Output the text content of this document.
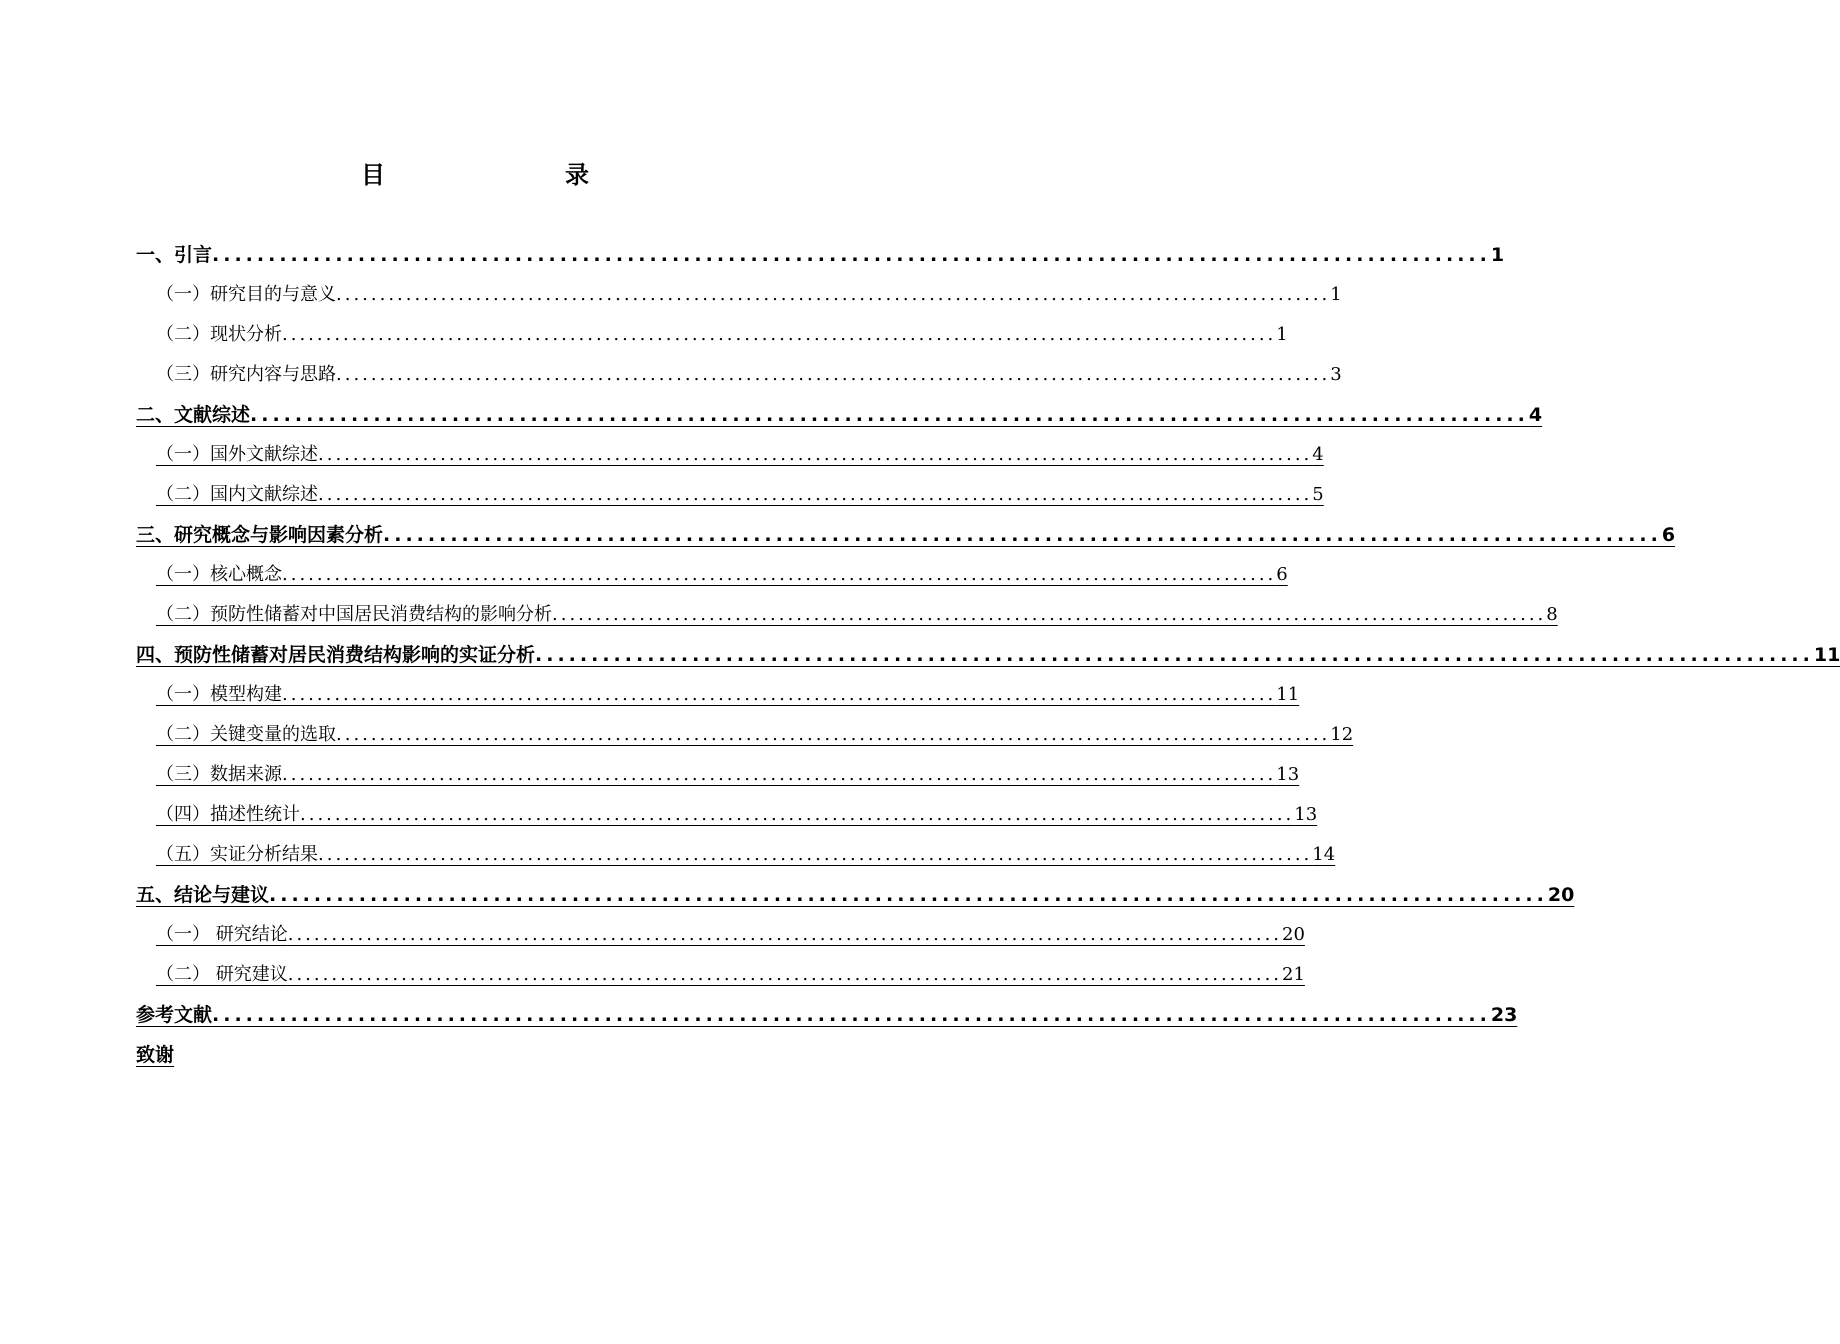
目　　录
一、引言 .................................................................................................................. 1
（一）研究目的与意义 .................................................................................................................. 1
（二）现状分析 .................................................................................................................. 1
（三）研究内容与思路 .................................................................................................................. 3
二、文献综述 .................................................................................................................. 4
（一）国外文献综述 .................................................................................................................. 4
（二）国内文献综述 .................................................................................................................. 5
三、研究概念与影响因素分析 .................................................................................................................. 6
（一）核心概念 .................................................................................................................. 6
（二）预防性储蓄对中国居民消费结构的影响分析 .................................................................................................................. 8
四、预防性储蓄对居民消费结构影响的实证分析 .................................................................................................................. 11
（一）模型构建 .................................................................................................................. 11
（二）关键变量的选取 .................................................................................................................. 12
（三）数据来源 .................................................................................................................. 13
（四）描述性统计 .................................................................................................................. 13
（五）实证分析结果 .................................................................................................................. 14
五、结论与建议 .................................................................................................................. 20
（一） 研究结论 .................................................................................................................. 20
（二） 研究建议 .................................................................................................................. 21
参考文献 .................................................................................................................. 23
致谢
